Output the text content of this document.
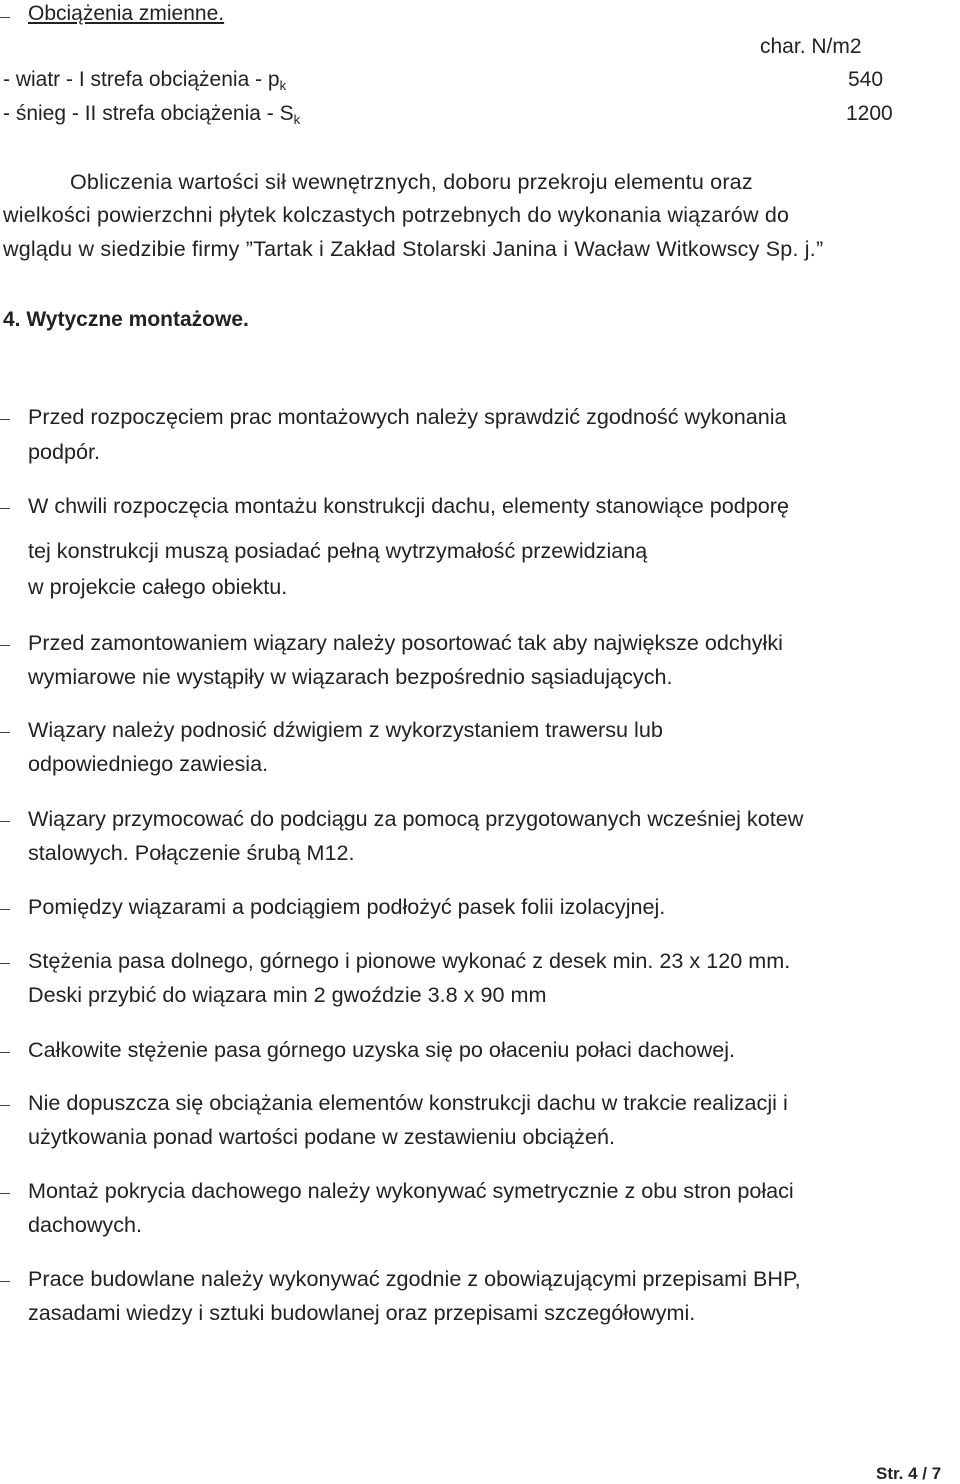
Obciążenia zmienne.
char. N/m2
- wiatr - I strefa obciążenia - $p_k$	540
- śnieg - II strefa obciążenia - $S_k$	1200
Obliczenia wartości sił wewnętrznych, doboru przekroju elementu oraz
wielkości powierzchni płytek kolczastych potrzebnych do wykonania wiązarów do
wglądu w siedzibie firmy ”Tartak i Zakład Stolarski Janina i Wacław Witkowscy Sp. j.”
4. Wytyczne montażowe.
Przed rozpoczęciem prac montażowych należy sprawdzić zgodność wykonania
podpór.
W chwili rozpoczęcia montażu konstrukcji dachu, elementy stanowiące podporę
tej konstrukcji muszą posiadać pełną wytrzymałość przewidzianą
w projekcie całego obiektu.
Przed zamontowaniem wiązary należy posortować tak aby największe odchyłki
wymiarowe nie wystąpiły w wiązarach bezpośrednio sąsiadujących.
Wiązary należy podnosić dźwigiem z wykorzystaniem trawersu lub
odpowiedniego zawiesia.
Wiązary przymocować do podciągu za pomocą przygotowanych wcześniej kotew
stalowych. Połączenie śrubą M12.
Pomiędzy wiązarami a podciągiem podłożyć pasek folii izolacyjnej.
Stężenia pasa dolnego, górnego i pionowe wykonać z desek min. 23 x 120 mm.
Deski przybić do wiązara min 2 gwoździe 3.8 x 90 mm
Całkowite stężenie pasa górnego uzyska się po ołaceniu połaci dachowej.
Nie dopuszcza się obciążania elementów konstrukcji dachu w trakcie realizacji i
użytkowania ponad wartości podane w zestawieniu obciążeń.
Montaż pokrycia dachowego należy wykonywać symetrycznie z obu stron połaci
dachowych.
Prace budowlane należy wykonywać zgodnie z obowiązującymi przepisami BHP,
zasadami wiedzy i sztuki budowlanej oraz przepisami szczegółowymi.
Str. 4 / 7
